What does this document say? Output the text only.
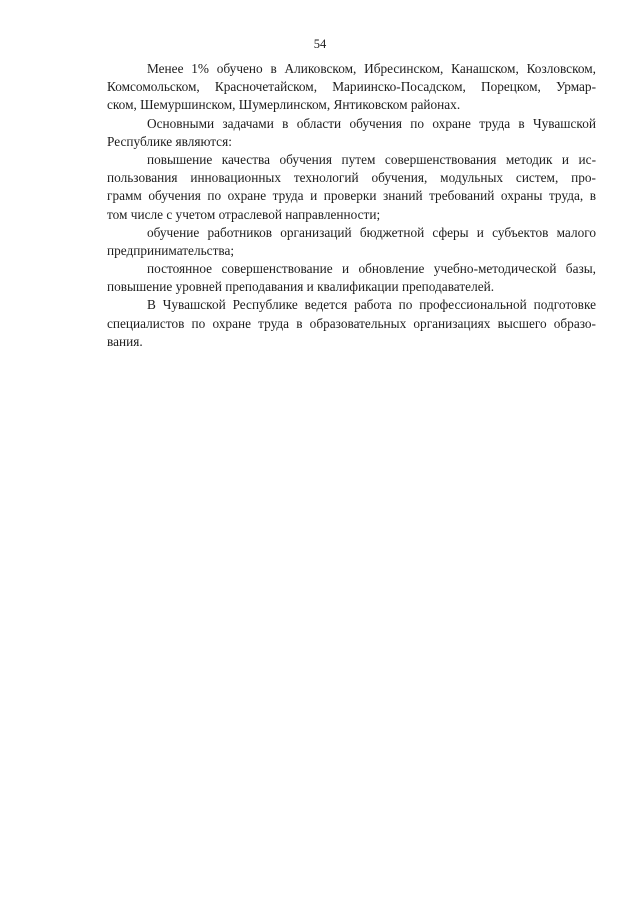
54
Менее 1% обучено в Аликовском, Ибресинском, Канашском, Козловском,
Комсомольском, Красночетайском, Мариинско-Посадском, Порецком, Урмар-
ском, Шемуршинском, Шумерлинском, Янтиковском районах.
Основными задачами в области обучения по охране труда в Чувашской
Республике являются:
повышение качества обучения путем совершенствования методик и ис-
пользования инновационных технологий обучения, модульных систем, про-
грамм обучения по охране труда и проверки знаний требований охраны труда, в
том числе с учетом отраслевой направленности;
обучение работников организаций бюджетной сферы и субъектов малого
предпринимательства;
постоянное совершенствование и обновление учебно-методической базы,
повышение уровней преподавания и квалификации преподавателей.
В Чувашской Республике ведется работа по профессиональной подготовке
специалистов по охране труда в образовательных организациях высшего образо-
вания.
